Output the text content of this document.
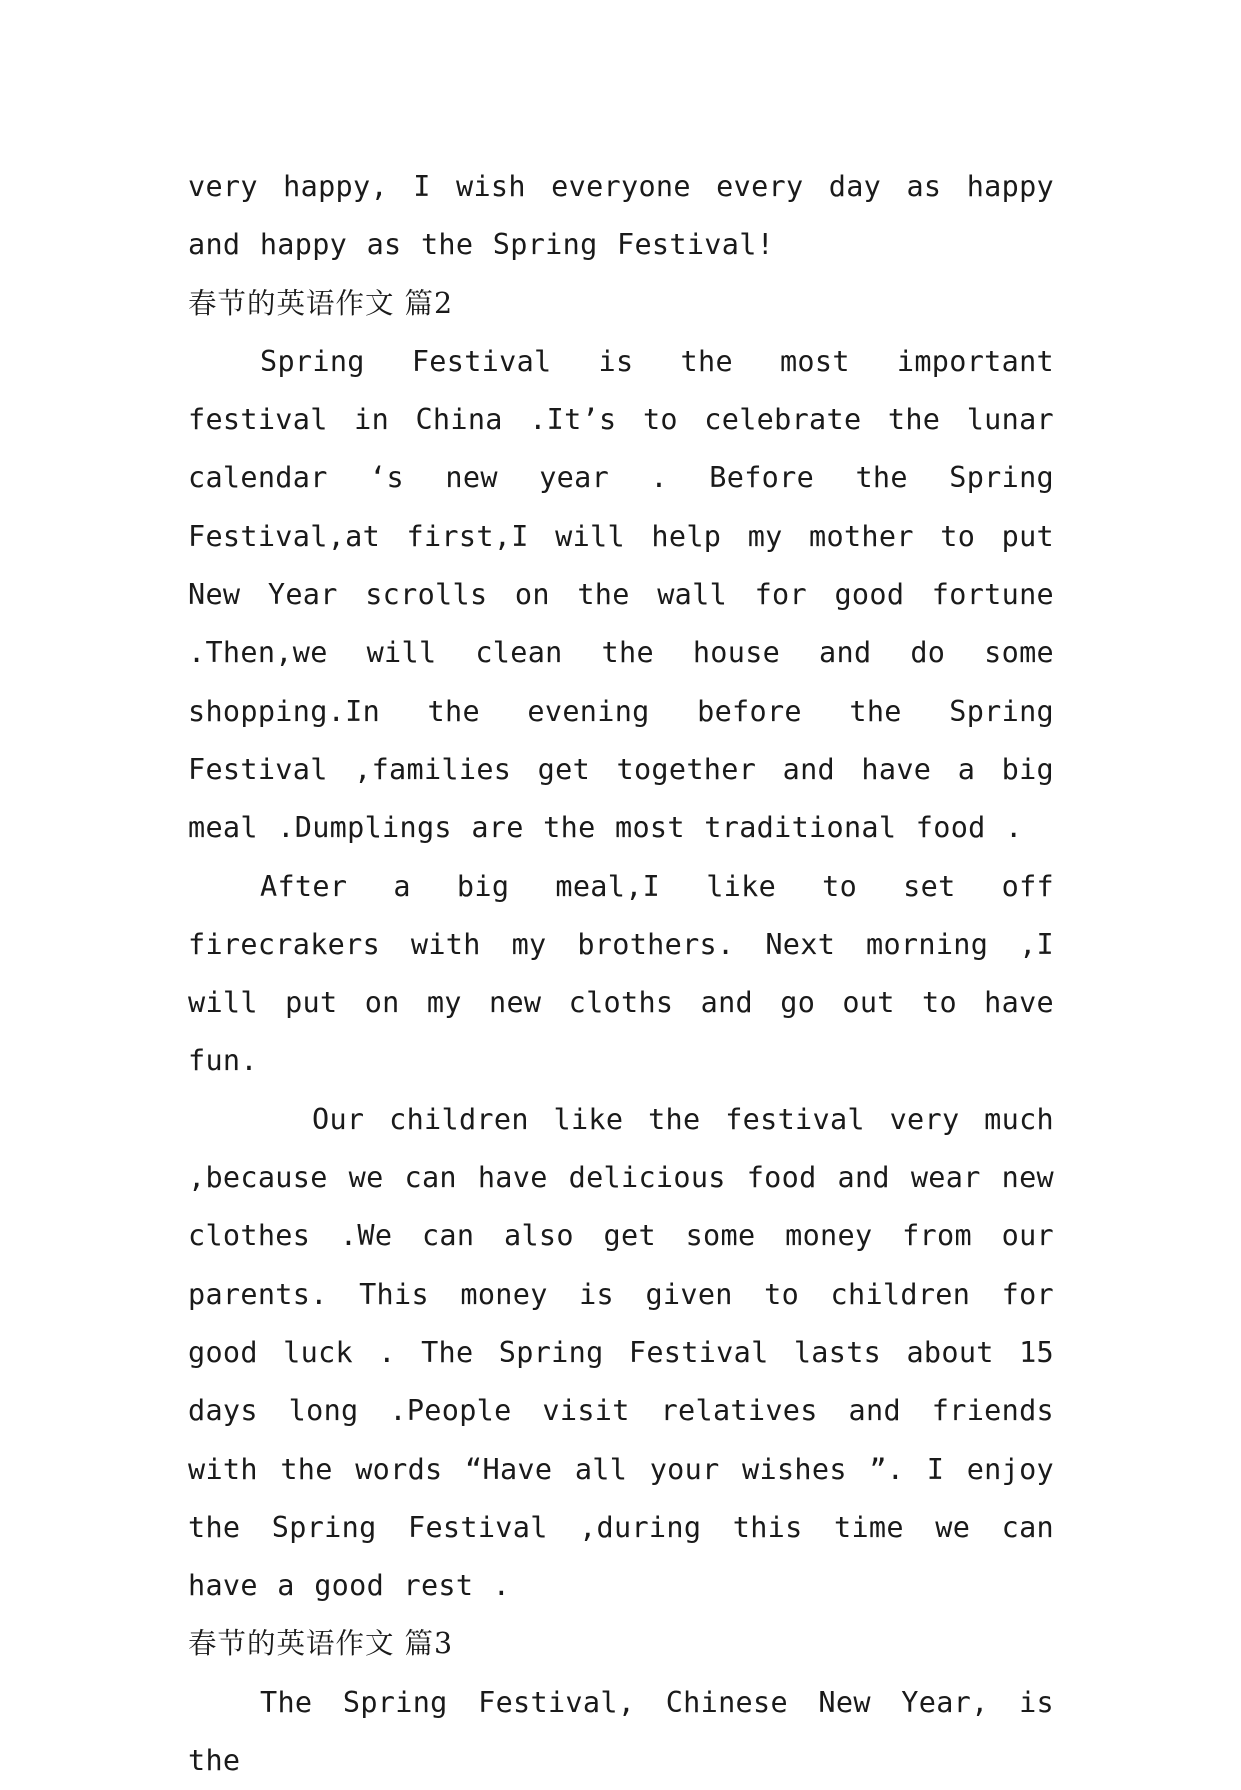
very happy, I wish everyone every day as happy and happy as the Spring Festival!

春节的英语作文 篇2

Spring Festival is the most important festival in China .It’s to celebrate the lunar calendar ‘s new year . Before the Spring Festival,at first,I will help my mother to put New Year scrolls on the wall for good fortune .Then,we will clean the house and do some shopping.In the evening before the Spring Festival ,families get together and have a big meal .Dumplings are the most traditional food .

After a big meal,I like to set off firecrakers with my brothers. Next morning ,I will put on my new cloths and go out to have fun.

Our children like the festival very much ,because we can have delicious food and wear new clothes .We can also get some money from our parents. This money is given to children for good luck . The Spring Festival lasts about 15 days long .People visit relatives and friends with the words “Have all your wishes ”. I enjoy the Spring Festival ,during this time we can have a good rest .

春节的英语作文 篇3

The Spring Festival, Chinese New Year, is the
